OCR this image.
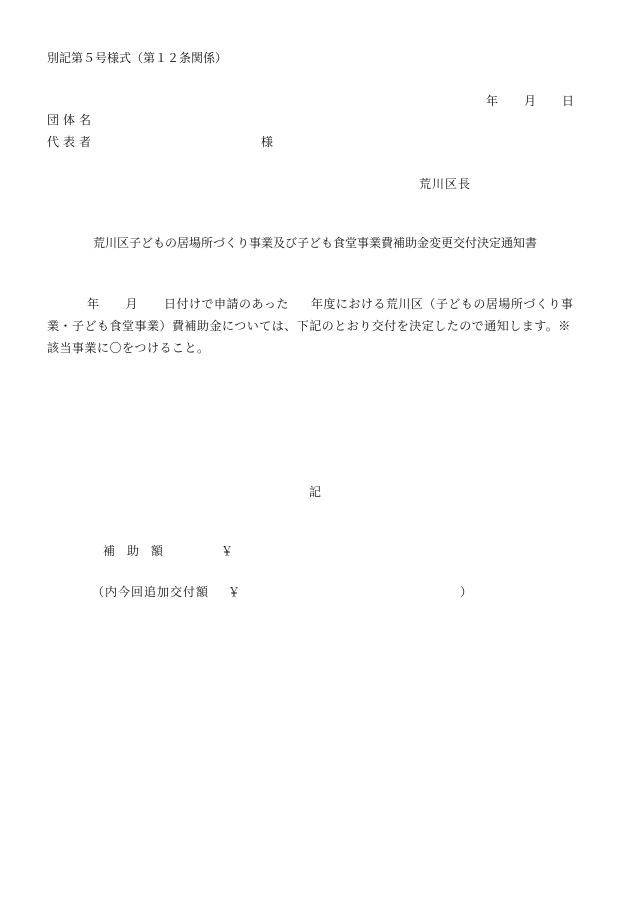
別記第５号様式（第１２条関係）
年 月 日
団体名
代表者	様
荒川区長
荒川区子どもの居場所づくり事業及び子ども食堂事業費補助金変更交付決定通知書
年 月 日付けで申請のあった 年度における荒川区（子どもの居場所づくり事業・子ども食堂事業）費補助金については、下記のとおり交付を決定したので通知します。※該当事業に〇をつけること。
記
補助額	￥
（内今回追加交付額 ￥	）
